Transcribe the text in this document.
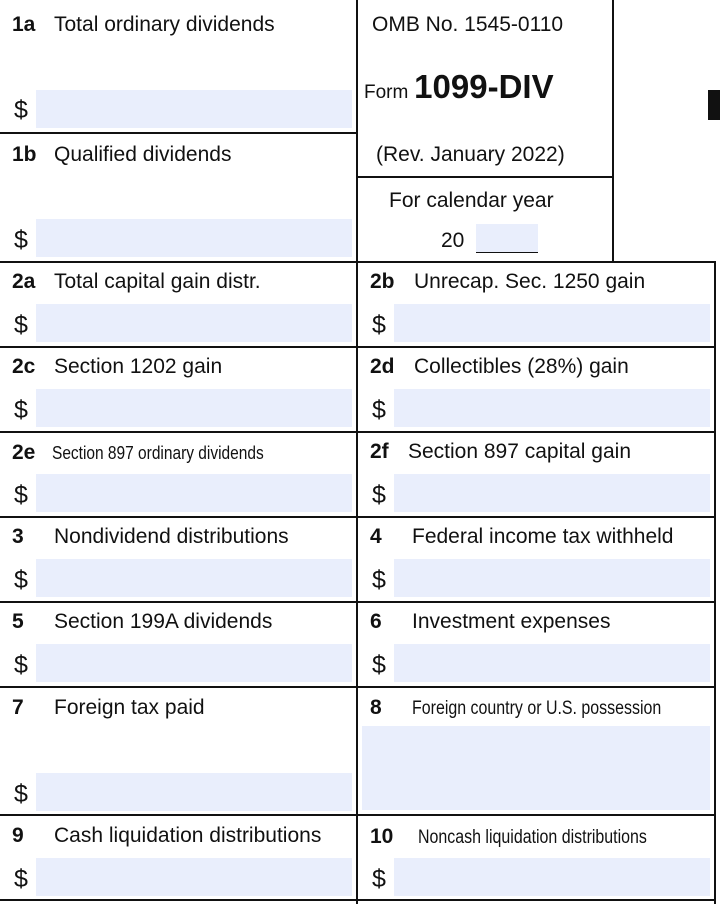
OMB No. 1545-0110
Form 1099-DIV
(Rev. January 2022)
For calendar year
20
1a Total ordinary dividends
$
1b Qualified dividends
$
2a Total capital gain distr.
$
2b Unrecap. Sec. 1250 gain
$
2c Section 1202 gain
$
2d Collectibles (28%) gain
$
2e Section 897 ordinary dividends
$
2f Section 897 capital gain
$
3 Nondividend distributions
$
4 Federal income tax withheld
$
5 Section 199A dividends
$
6 Investment expenses
$
7 Foreign tax paid
$
8 Foreign country or U.S. possession
9 Cash liquidation distributions
$
10 Noncash liquidation distributions
$
